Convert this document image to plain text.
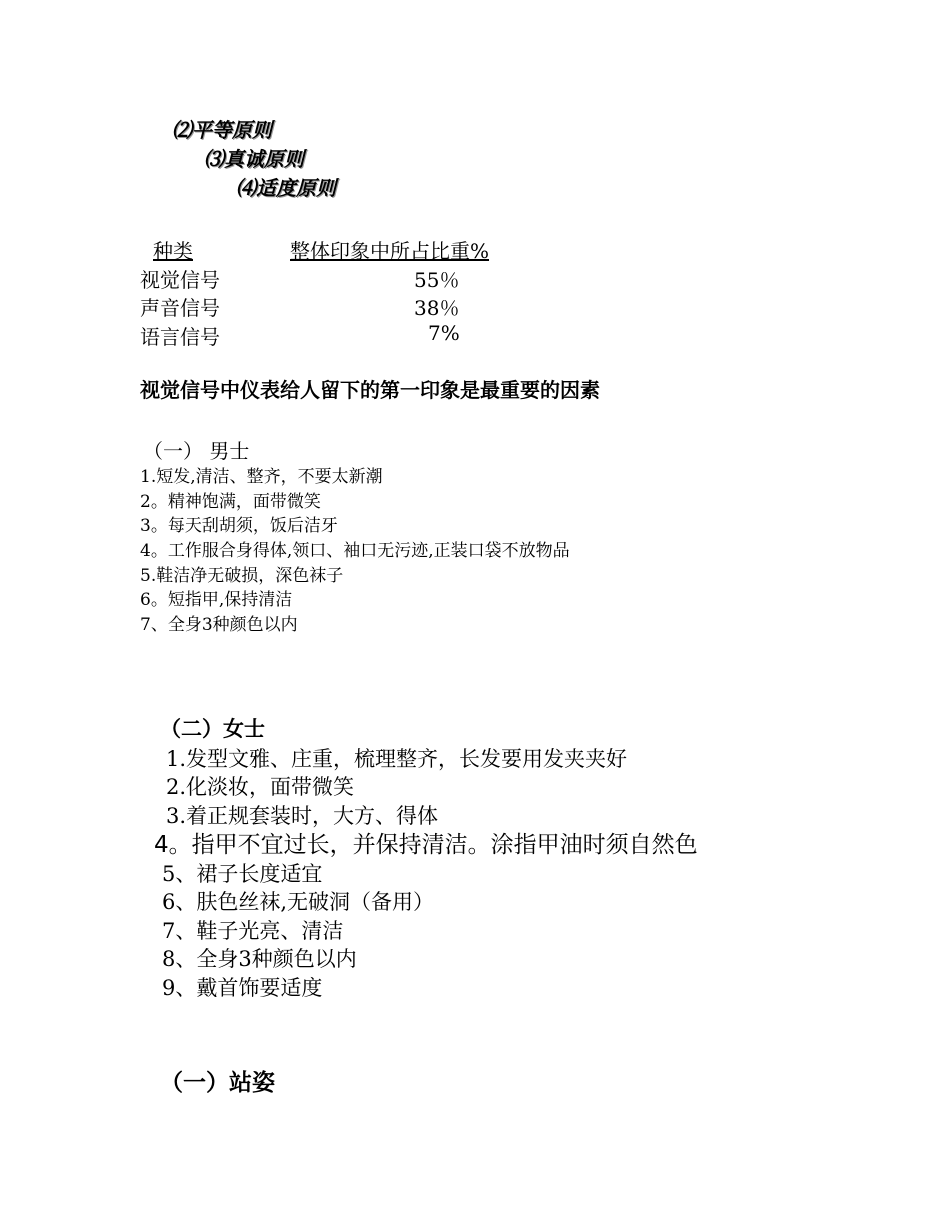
⑵平等原则
⑶真诚原则
⑷适度原则
种类	整体印象中所占比重%
视觉信号	55％
声音信号	38％
语言信号	7%
视觉信号中仪表给人留下的第一印象是最重要的因素
（一） 男士
1.短发,清洁、整齐，不要太新潮
2。精神饱满，面带微笑
3。每天刮胡须，饭后洁牙
4。工作服合身得体,领口、袖口无污迹,正装口袋不放物品
5.鞋洁净无破损，深色袜子
6。短指甲,保持清洁
7、全身3种颜色以内
（二）女士
1.发型文雅、庄重，梳理整齐，长发要用发夹夹好
2.化淡妆，面带微笑
3.着正规套装时，大方、得体
4。指甲不宜过长，并保持清洁。涂指甲油时须自然色
5、裙子长度适宜
6、肤色丝袜,无破洞（备用）
7、鞋子光亮、清洁
8、全身3种颜色以内
9、戴首饰要适度
（一）站姿
